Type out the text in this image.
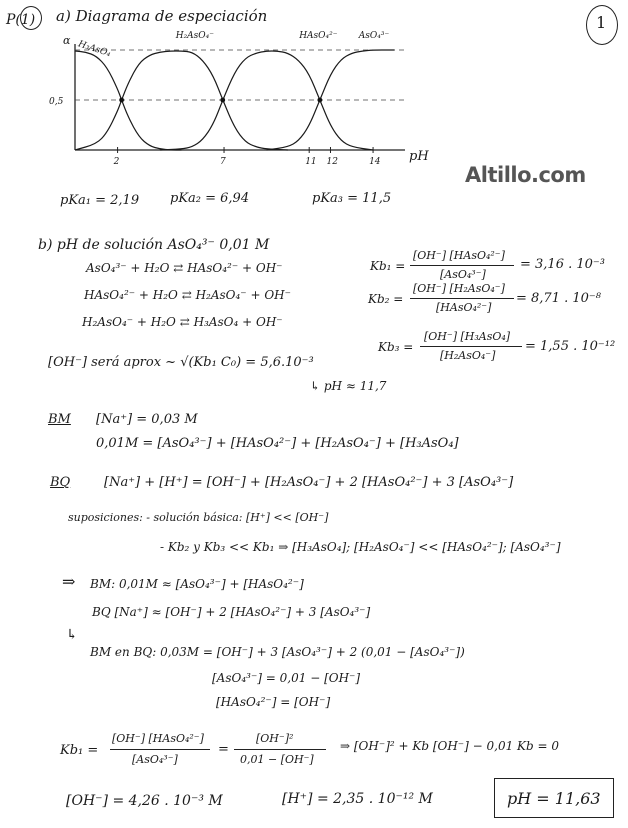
P(1) a) Diagrama de especiación	1
α
0,5
2	7	11 12	14 pH
H₃AsO₄
H₂AsO₄⁻	HAsO₄²⁻ AsO₄³⁻
Altillo.com
pKa₁ = 2,19 pKa₂ = 6,94	pKa₃ = 11,5
b) pH de solución AsO₄³⁻ 0,01 M
AsO₄³⁻ + H₂O ⇄ HAsO₄²⁻ + OH⁻
HAsO₄²⁻ + H₂O ⇄ H₂AsO₄⁻ + OH⁻
H₂AsO₄⁻ + H₂O ⇄ H₃AsO₄ + OH⁻
Kb₁ =
[OH⁻] [HAsO₄²⁻]
[AsO₄³⁻]
= 3,16 . 10⁻³
Kb₂ =
[OH⁻] [H₂AsO₄⁻]
[HAsO₄²⁻]
= 8,71 . 10⁻⁸
Kb₃ =
[OH⁻] [H₃AsO₄]
[H₂AsO₄⁻]
= 1,55 . 10⁻¹²
[OH⁻] será aprox ~ √(Kb₁ C₀) = 5,6.10⁻³
↳ pH ≈ 11,7
BM [Na⁺] = 0,03 M
0,01M = [AsO₄³⁻] + [HAsO₄²⁻] + [H₂AsO₄⁻] + [H₃AsO₄]
BQ	[Na⁺] + [H⁺] = [OH⁻] + [H₂AsO₄⁻] + 2 [HAsO₄²⁻] + 3 [AsO₄³⁻]
suposiciones: - solución básica: [H⁺] << [OH⁻]
- Kb₂ y Kb₃ << Kb₁ ⇒ [H₃AsO₄]; [H₂AsO₄⁻] << [HAsO₄²⁻]; [AsO₄³⁻]
⇒ BM: 0,01M ≈ [AsO₄³⁻] + [HAsO₄²⁻]
BQ [Na⁺] ≈ [OH⁻] + 2 [HAsO₄²⁻] + 3 [AsO₄³⁻]
↳
BM en BQ: 0,03M = [OH⁻] + 3 [AsO₄³⁻] + 2 (0,01 − [AsO₄³⁻])
[AsO₄³⁻] = 0,01 − [OH⁻]
[HAsO₄²⁻] = [OH⁻]
Kb₁ =
[OH⁻] [HAsO₄²⁻]
[AsO₄³⁻]
=
[OH⁻]²
0,01 − [OH⁻]
⇒ [OH⁻]² + Kb [OH⁻] − 0,01 Kb = 0
[OH⁻] = 4,26 . 10⁻³ M	[H⁺] = 2,35 . 10⁻¹² M	pH = 11,63
